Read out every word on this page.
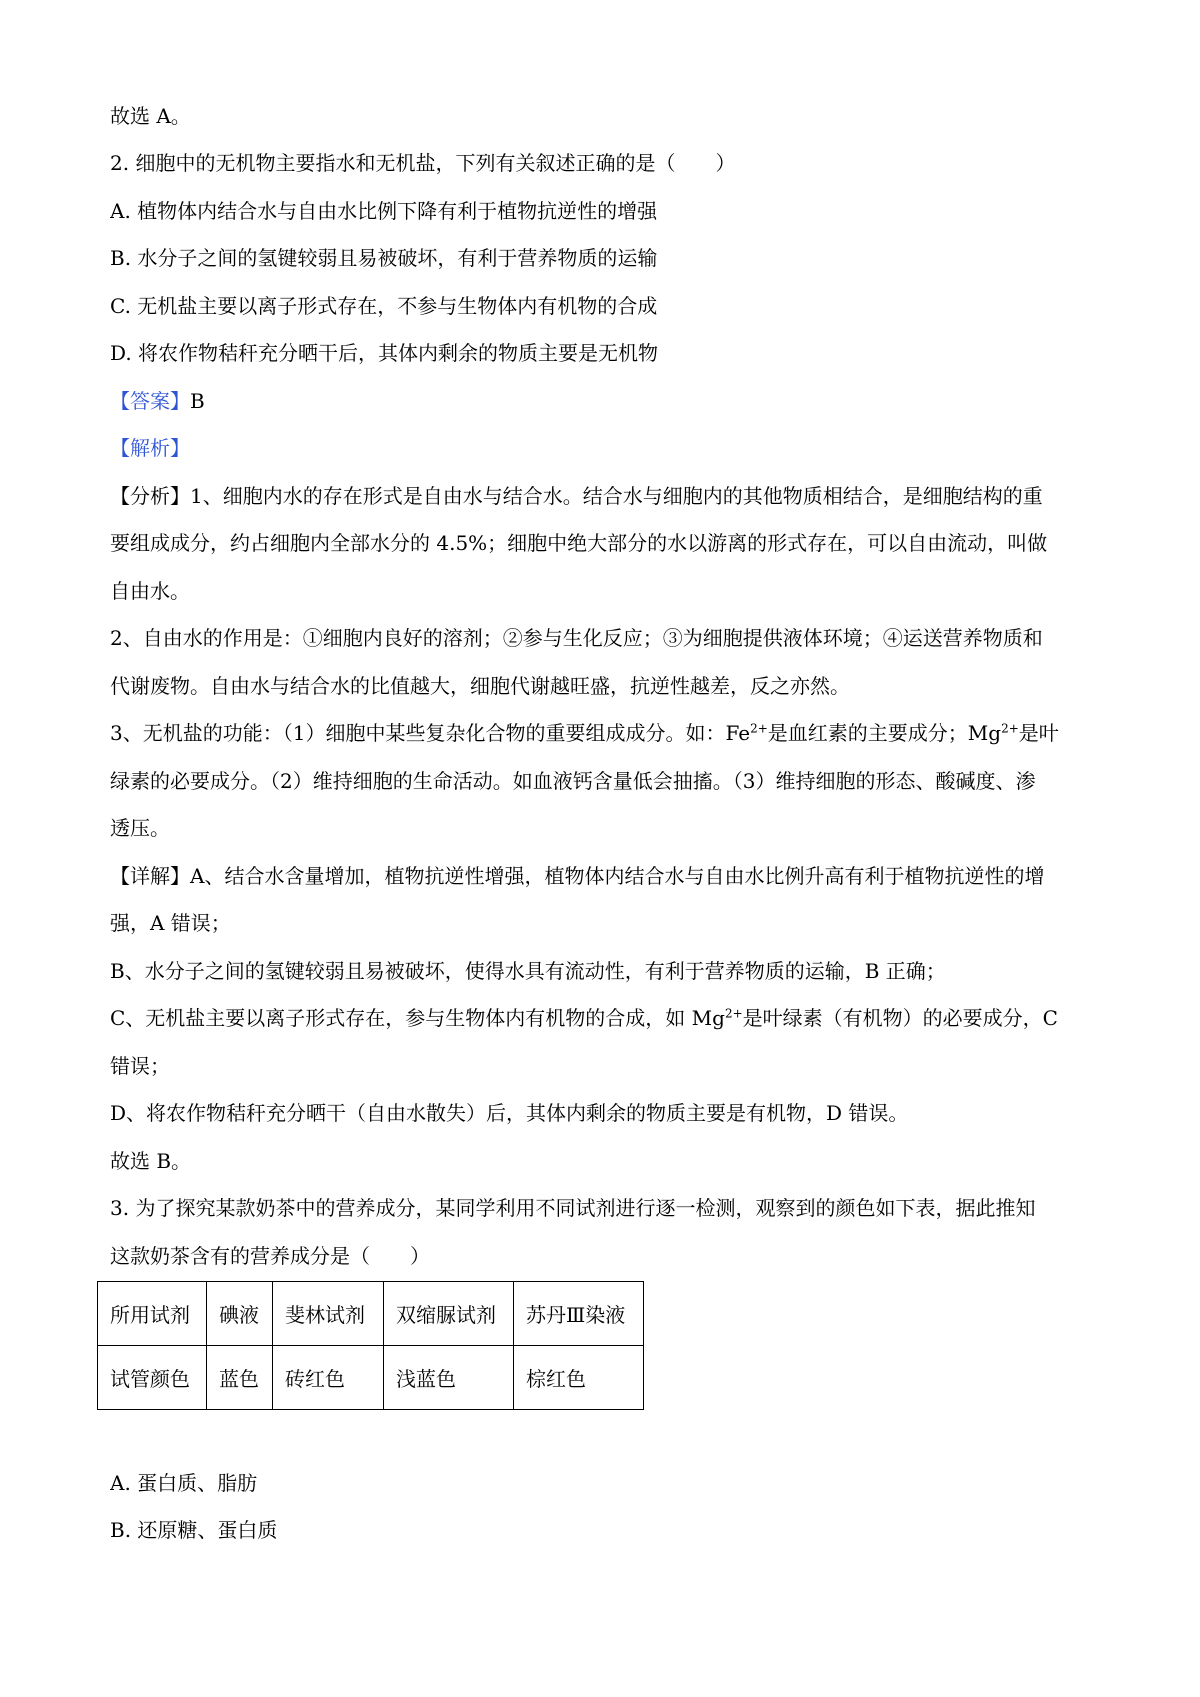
故选 A。
2. 细胞中的无机物主要指水和无机盐，下列有关叙述正确的是（　　）
A. 植物体内结合水与自由水比例下降有利于植物抗逆性的增强
B. 水分子之间的氢键较弱且易被破坏，有利于营养物质的运输
C. 无机盐主要以离子形式存在，不参与生物体内有机物的合成
D. 将农作物秸秆充分晒干后，其体内剩余的物质主要是无机物
【答案】B
【解析】
【分析】1、细胞内水的存在形式是自由水与结合水。结合水与细胞内的其他物质相结合，是细胞结构的重
要组成成分，约占细胞内全部水分的 4.5%；细胞中绝大部分的水以游离的形式存在，可以自由流动，叫做
自由水。
2、自由水的作用是：①细胞内良好的溶剂；②参与生化反应；③为细胞提供液体环境；④运送营养物质和
代谢废物。自由水与结合水的比值越大，细胞代谢越旺盛，抗逆性越差，反之亦然。
3、无机盐的功能：（1）细胞中某些复杂化合物的重要组成成分。如：$Fe^{2+}$是血红素的主要成分；$Mg^{2+}$是叶
绿素的必要成分。（2）维持细胞的生命活动。如血液钙含量低会抽搐。（3）维持细胞的形态、酸碱度、渗
透压。
【详解】A、结合水含量增加，植物抗逆性增强，植物体内结合水与自由水比例升高有利于植物抗逆性的增
强，A 错误；
B、水分子之间的氢键较弱且易被破坏，使得水具有流动性，有利于营养物质的运输，B 正确；
C、无机盐主要以离子形式存在，参与生物体内有机物的合成，如 $Mg^{2+}$是叶绿素（有机物）的必要成分，C
错误；
D、将农作物秸秆充分晒干（自由水散失）后，其体内剩余的物质主要是有机物，D 错误。
故选 B。
3. 为了探究某款奶茶中的营养成分，某同学利用不同试剂进行逐一检测，观察到的颜色如下表，据此推知
这款奶茶含有的营养成分是（　　）
所用试剂	碘液	斐林试剂	双缩脲试剂	苏丹Ⅲ染液
试管颜色	蓝色	砖红色	浅蓝色	棕红色
A. 蛋白质、脂肪
B. 还原糖、蛋白质
